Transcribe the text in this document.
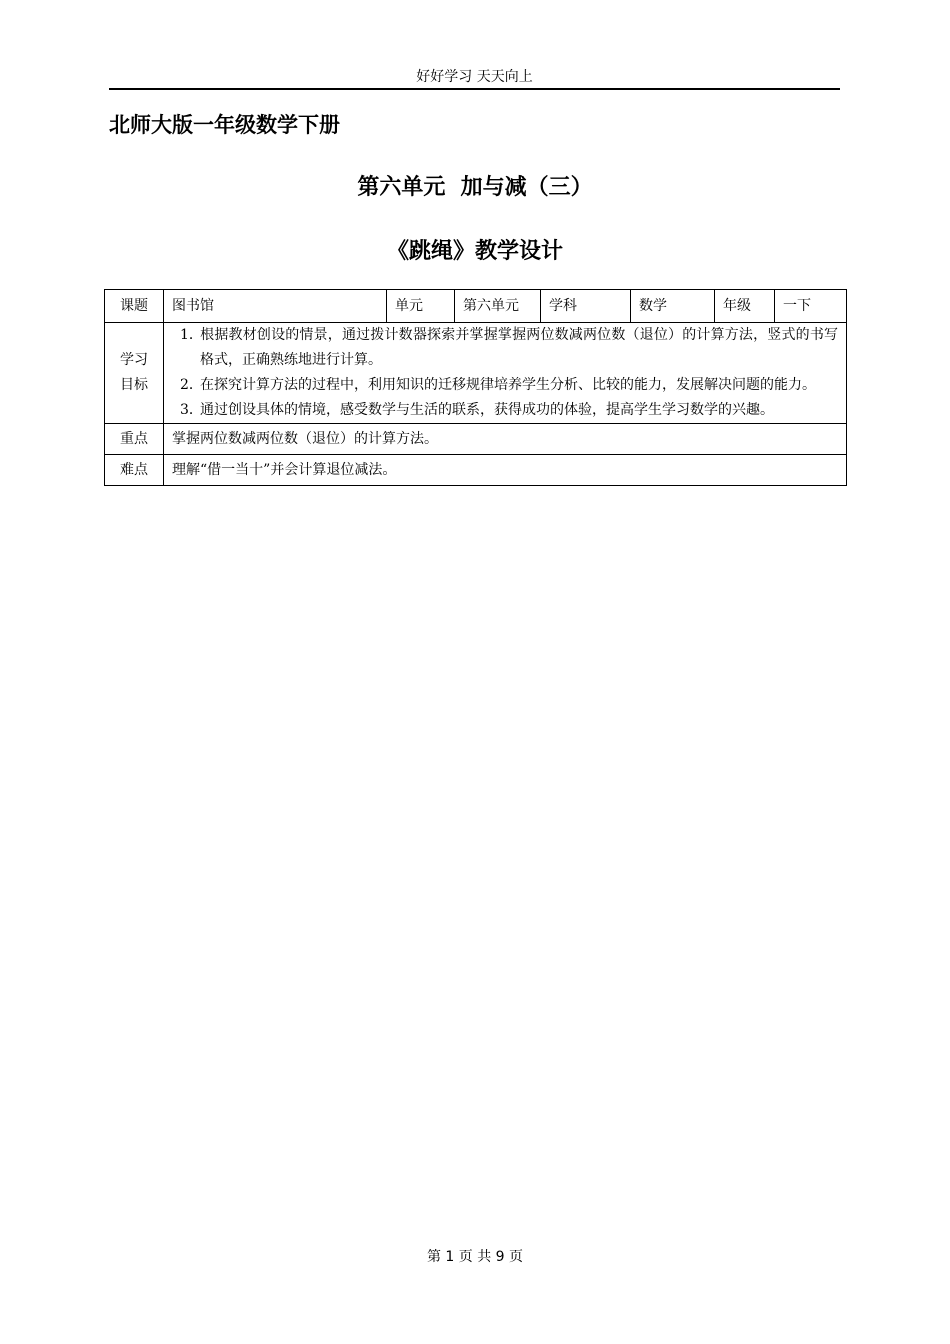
好好学习 天天向上
北师大版一年级数学下册
第六单元  加与减（三）
《跳绳》教学设计
课题	图书馆	单元	第六单元	学科	数学	年级	一下

学习目标	1．根据教材创设的情景，通过拨计数器探索并掌握掌握两位数减两位数（退位）的计算方法，竖式的书写格式，正确熟练地进行计算。
2．在探究计算方法的过程中，利用知识的迁移规律培养学生分析、比较的能力，发展解决问题的能力。
3．通过创设具体的情境，感受数学与生活的联系，获得成功的体验，提高学生学习数学的兴趣。						

重点	掌握两位数减两位数（退位）的计算方法。						
难点	理解“借一当十”并会计算退位减法。						
第 1 页 共 9 页
